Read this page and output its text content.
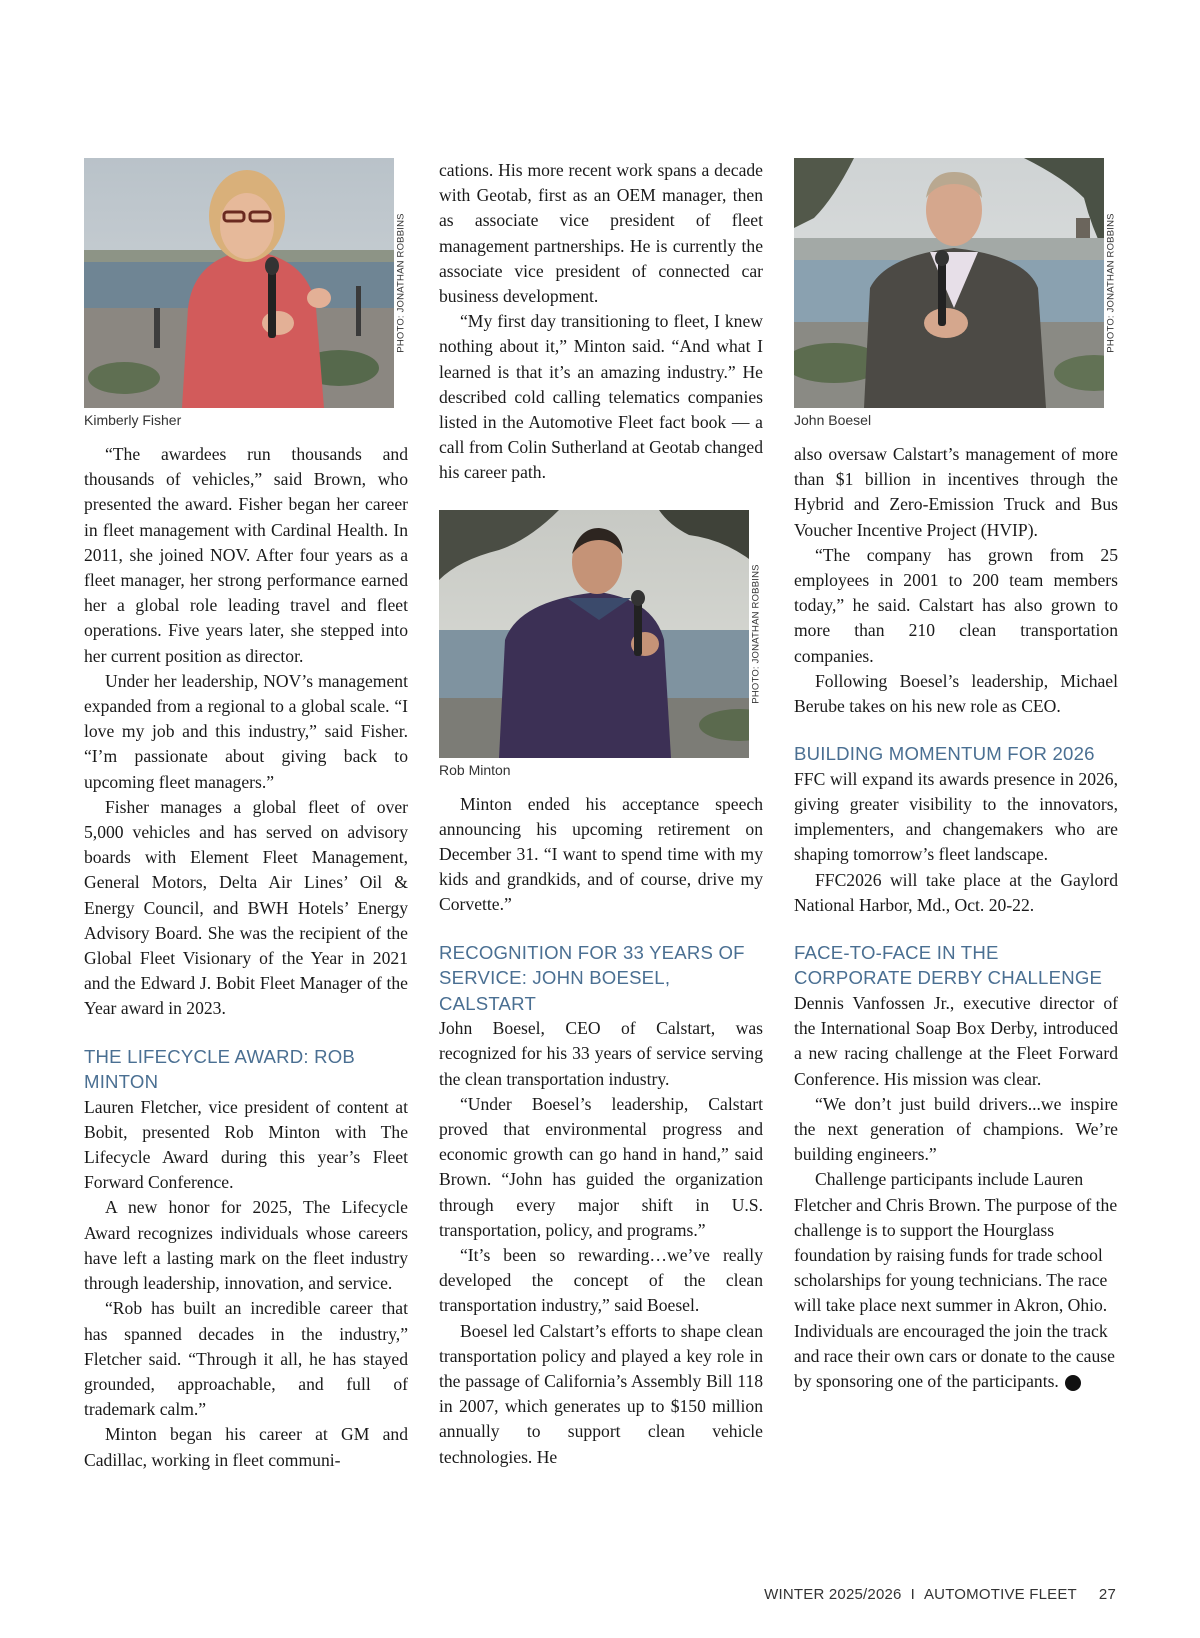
PHOTO: JONATHAN ROBBINS
Kimberly Fisher

“The awardees run thousands and thousands of vehicles,” said Brown, who presented the award. Fisher began her career in fleet management with Cardinal Health. In 2011, she joined NOV. After four years as a fleet manager, her strong performance earned her a global role leading travel and fleet operations. Five years later, she stepped into her current position as director.

Under her leadership, NOV’s management expanded from a regional to a global scale. “I love my job and this industry,” said Fisher. “I’m passionate about giving back to upcoming fleet managers.”

Fisher manages a global fleet of over 5,000 vehicles and has served on advisory boards with Element Fleet Management, General Motors, Delta Air Lines’ Oil & Energy Council, and BWH Hotels’ Energy Advisory Board. She was the recipient of the Global Fleet Visionary of the Year in 2021 and the Edward J. Bobit Fleet Manager of the Year award in 2023.

THE LIFECYCLE AWARD: ROB MINTON

Lauren Fletcher, vice president of content at Bobit, presented Rob Minton with The Lifecycle Award during this year’s Fleet Forward Conference.

A new honor for 2025, The Lifecycle Award recognizes individuals whose careers have left a lasting mark on the fleet industry through leadership, innovation, and service.

“Rob has built an incredible career that has spanned decades in the industry,” Fletcher said. “Through it all, he has stayed grounded, approachable, and full of trademark calm.”

Minton began his career at GM and Cadillac, working in fleet communi-

cations. His more recent work spans a decade with Geotab, first as an OEM manager, then as associate vice president of fleet management partnerships. He is currently the associate vice president of connected car business development.

“My first day transitioning to fleet, I knew nothing about it,” Minton said. “And what I learned is that it’s an amazing industry.” He described cold calling telematics companies listed in the Automotive Fleet fact book — a call from Colin Sutherland at Geotab changed his career path.

PHOTO: JONATHAN ROBBINS
Rob Minton

Minton ended his acceptance speech announcing his upcoming retirement on December 31. “I want to spend time with my kids and grandkids, and of course, drive my Corvette.”

RECOGNITION FOR 33 YEARS OF SERVICE: JOHN BOESEL, CALSTART

John Boesel, CEO of Calstart, was recognized for his 33 years of service serving the clean transportation industry.

“Under Boesel’s leadership, Calstart proved that environmental progress and economic growth can go hand in hand,” said Brown. “John has guided the organization through every major shift in U.S. transportation, policy, and programs.”

“It’s been so rewarding…we’ve really developed the concept of the clean transportation industry,” said Boesel.

Boesel led Calstart’s efforts to shape clean transportation policy and played a key role in the passage of California’s Assembly Bill 118 in 2007, which generates up to $150 million annually to support clean vehicle technologies. He

PHOTO: JONATHAN ROBBINS
John Boesel

also oversaw Calstart’s management of more than $1 billion in incentives through the Hybrid and Zero-Emission Truck and Bus Voucher Incentive Project (HVIP).

“The company has grown from 25 employees in 2001 to 200 team members today,” he said. Calstart has also grown to more than 210 clean transportation companies.

Following Boesel’s leadership, Michael Berube takes on his new role as CEO.

BUILDING MOMENTUM FOR 2026

FFC will expand its awards presence in 2026, giving greater visibility to the innovators, implementers, and changemakers who are shaping tomorrow’s fleet landscape.

FFC2026 will take place at the Gaylord National Harbor, Md., Oct. 20-22.

FACE-TO-FACE IN THE CORPORATE DERBY CHALLENGE

Dennis Vanfossen Jr., executive director of the International Soap Box Derby, introduced a new racing challenge at the Fleet Forward Conference. His mission was clear.

“We don’t just build drivers...we inspire the next generation of champions. We’re building engineers.”

Challenge participants include Lauren Fletcher and Chris Brown. The purpose of the challenge is to support the Hourglass foundation by raising funds for trade school scholarships for young technicians. The race will take place next summer in Akron, Ohio. Individuals are encouraged the join the track and race their own cars or donate to the cause by sponsoring one of the participants.	AF

WINTER 2025/2026 I AUTOMOTIVE FLEET 27
